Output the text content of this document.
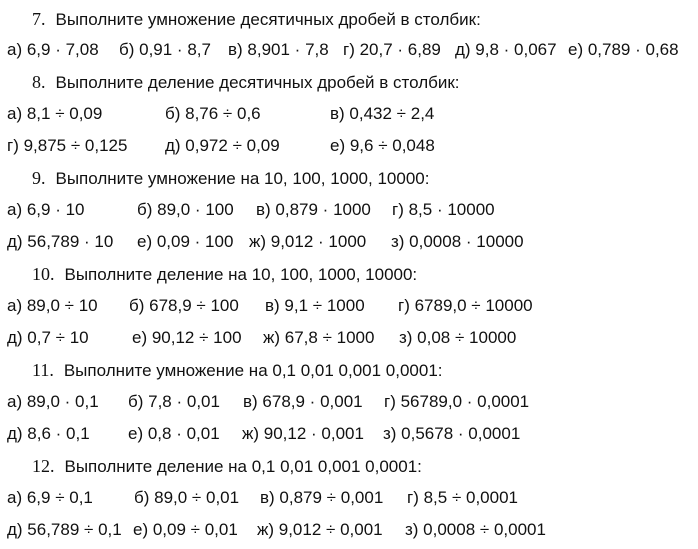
7. Выполните умножение десятичных дробей в столбик:
а) 6,9 · 7,08 б) 0,91 · 8,7 в) 8,901 · 7,8 г) 20,7 · 6,89 д) 9,8 · 0,067 е) 0,789 · 0,68
8. Выполните деление десятичных дробей в столбик:
а) 8,1 ÷ 0,09	б) 8,76 ÷ 0,6	в) 0,432 ÷ 2,4
г) 9,875 ÷ 0,125 д) 0,972 ÷ 0,09	е) 9,6 ÷ 0,048
9. Выполните умножение на 10, 100, 1000, 10000:
а) 6,9 · 10	б) 89,0 · 100 в) 0,879 · 1000 г) 8,5 · 10000
д) 56,789 · 10 е) 0,09 · 100 ж) 9,012 · 1000 з) 0,0008 · 10000
10. Выполните деление на 10, 100, 1000, 10000:
а) 89,0 ÷ 10 б) 678,9 ÷ 100 в) 9,1 ÷ 1000 г) 6789,0 ÷ 10000
д) 0,7 ÷ 10	е) 90,12 ÷ 100 ж) 67,8 ÷ 1000 з) 0,08 ÷ 10000
11. Выполните умножение на 0,1 0,01 0,001 0,0001:
а) 89,0 · 0,1 б) 7,8 · 0,01 в) 678,9 · 0,001 г) 56789,0 · 0,0001
д) 8,6 · 0,1 е) 0,8 · 0,01 ж) 90,12 · 0,001 з) 0,5678 · 0,0001
12. Выполните деление на 0,1 0,01 0,001 0,0001:
а) 6,9 ÷ 0,1 б) 89,0 ÷ 0,01 в) 0,879 ÷ 0,001 г) 8,5 ÷ 0,0001
д) 56,789 ÷ 0,1 е) 0,09 ÷ 0,01 ж) 9,012 ÷ 0,001 з) 0,0008 ÷ 0,0001
